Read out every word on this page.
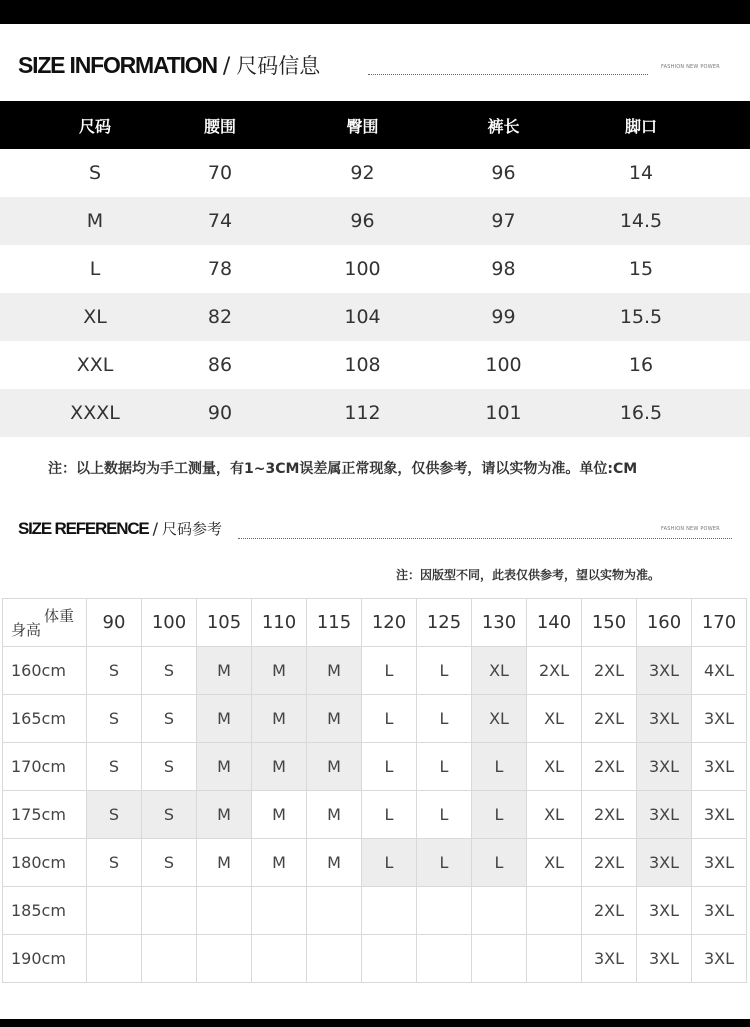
SIZE INFORMATION / 尺码信息	FASHION NEW POWER
尺码	腰围	臀围	裤长	脚口
S	70	92	96	14
M	74	96	97	14.5
L	78	100	98	15
XL	82	104	99	15.5
XXL	86	108	100	16
XXXL	90	112	101	16.5
注：以上数据均为手工测量，有1~3CM误差属正常现象，仅供参考，请以实物为准。单位:CM
SIZE REFERENCE / 尺码参考	FASHION NEW POWER
注：因版型不同，此表仅供参考，望以实物为准。
体重
身高	90	100	105	110	115	120	125	130	140	150	160	170
160cm	S	S	M	M	M	L	L	XL	2XL	2XL	3XL	4XL
165cm	S	S	M	M	M	L	L	XL	XL	2XL	3XL	3XL
170cm	S	S	M	M	M	L	L	L	XL	2XL	3XL	3XL
175cm	S	S	M	M	M	L	L	L	XL	2XL	3XL	3XL
180cm	S	S	M	M	M	L	L	L	XL	2XL	3XL	3XL
185cm										2XL	3XL	3XL
190cm										3XL	3XL	3XL
